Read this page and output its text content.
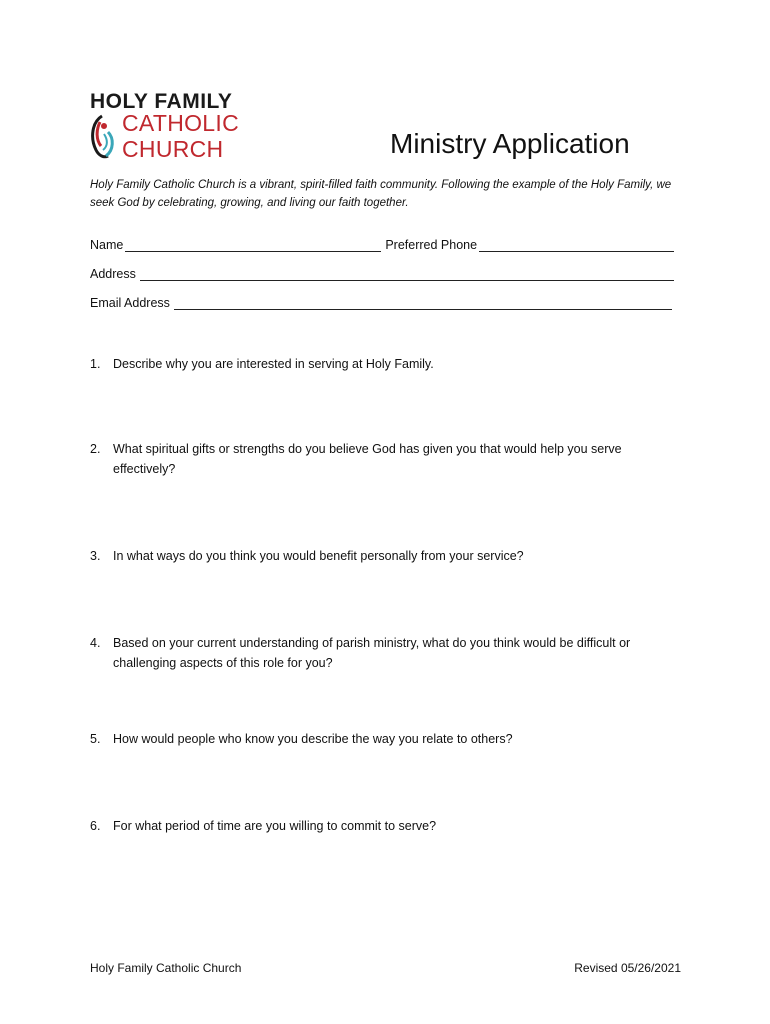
HOLY FAMILY
CATHOLIC
CHURCH	Ministry Application
Holy Family Catholic Church is a vibrant, spirit-filled faith community. Following the example of the Holy Family, we seek God by celebrating, growing, and living our faith together.
Name	Preferred Phone
Address
Email Address
1.	Describe why you are interested in serving at Holy Family.
2.	What spiritual gifts or strengths do you believe God has given you that would help you serve effectively?
3.	In what ways do you think you would benefit personally from your service?
4.	Based on your current understanding of parish ministry, what do you think would be difficult or challenging aspects of this role for you?
5.	How would people who know you describe the way you relate to others?
6.	For what period of time are you willing to commit to serve?
Holy Family Catholic Church	Revised 05/26/2021
